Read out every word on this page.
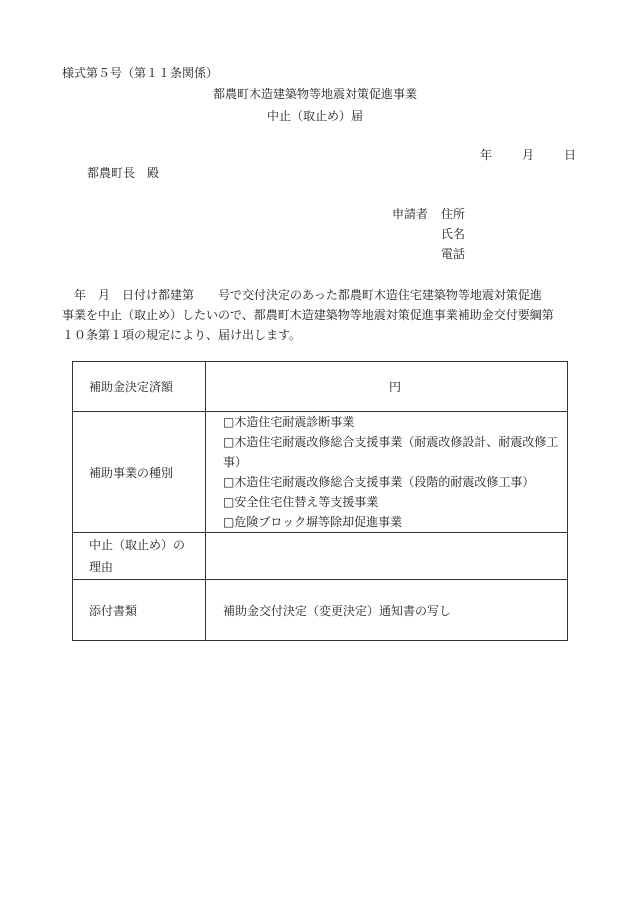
様式第５号（第１１条関係）
都農町木造建築物等地震対策促進事業
中止（取止め）届
年	月	日
都農町長　殿
申請者 住所
氏名
電話

　年　月　日付け都建第　　号で交付決定のあった都農町木造住宅建築物等地震対策促進

事業を中止（取止め）したいので、都農町木造建築物等地震対策促進事業補助金交付要綱第

１０条第１項の規定により、届け出します。

補助金決定済額	円
補助事業の種別	□木造住宅耐震診断事業
□木造住宅耐震改修総合支援事業（耐震改修設計、耐震改修工事）
□木造住宅耐震改修総合支援事業（段階的耐震改修工事）
□安全住宅住替え等支援事業
□危険ブロック塀等除却促進事業

中止（取止め）の理由	

添付書類	補助金交付決定（変更決定）通知書の写し
